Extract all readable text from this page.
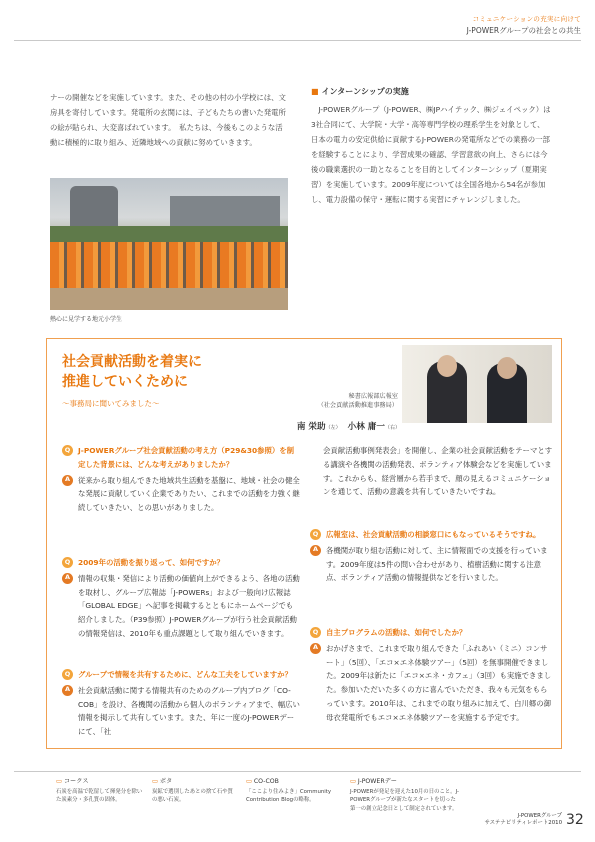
コミュニケーションの充実に向けて
J-POWERグループの社会との共生

ナーの開催などを実施しています。また、その他の村の小学校には、文房具を寄付しています。発電所の玄関には、子どもたちの書いた発電所の絵が貼られ、大変喜ばれています。　私たちは、今後もこのような活動に積極的に取り組み、近隣地域への貢献に努めていきます。

熱心に見学する地元小学生
■ インターンシップの実施

　J-POWERグループ（J-POWER、㈱JPハイテック、㈱ジェイペック）は3社合同にて、大学院・大学・高等専門学校の理系学生を対象として、日本の電力の安定供給に貢献するJ-POWERの発電所などでの業務の一部を経験することにより、学習成果の確認、学習意欲の向上、さらには今後の職業選択の一助となることを目的としてインターンシップ（夏期実習）を実施しています。2009年度については全国各地から54名が参加し、電力設備の保守・運転に関する実習にチャレンジしました。

社会貢献活動を着実に
推進していくために
～事務局に聞いてみました～
秘書広報部広報室
（社会貢献活動推進事務局）
南 栄助（左） 小林 庸一（右）
Q	J-POWERグループ社会貢献活動の考え方（P29&30参照）を制定した背景には、どんな考えがありましたか？
A	従来から取り組んできた地域共生活動を基盤に、地域・社会の健全な発展に貢献していく企業でありたい、これまでの活動を力強く継続していきたい、との思いがありました。
Q	2009年の活動を振り返って、如何ですか？
A	情報の収集・発信により活動の価値向上ができるよう、各地の活動を取材し、グループ広報誌「J-POWERs」および一般向け広報誌「GLOBAL EDGE」へ記事を掲載するとともにホームページでも紹介しました。（P39参照）J-POWERグループが行う社会貢献活動の情報発信は、2010年も重点課題として取り組んでいきます。
Q	グループで情報を共有するために、どんな工夫をしていますか？
A	社会貢献活動に関する情報共有のためのグループ内ブログ「CO-COB」を設け、各機関の活動から個人のボランティアまで、幅広い情報を掲示して共有しています。また、年に一度のJ-POWERデーにて、「社
会貢献活動事例発表会」を開催し、企業の社会貢献活動をテーマとする講演や各機関の活動発表、ボランティア体験会などを実施しています。これからも、経営層から若手まで、顔の見えるコミュニケーションを通じて、活動の意義を共有していきたいですね。
Q	広報室は、社会貢献活動の相談窓口にもなっているそうですね。
A	各機関が取り組む活動に対して、主に情報面での支援を行っています。2009年度は5件の問い合わせがあり、植樹活動に関する注意点、ボランティア活動の情報提供などを行いました。
Q	自主プログラムの活動は、如何でしたか？
A	おかげさまで、これまで取り組んできた「ふれあい（ミニ）コンサート」（5回）、「エコ×エネ体験ツアー」（5回）を無事開催できました。2009年は新たに「エコ×エネ・カフェ」（3回）も実施できました。参加いただいた多くの方に喜んでいただき、我々も元気をもらっています。2010年は、これまでの取り組みに加えて、白川郷の御母衣発電所でもエコ×エネ体験ツアーを実施する予定です。
▭ コークス
石炭を高温で乾留して揮発分を除いた炭素分・多孔質の固体。
▭ ボタ
炭鉱で選別したあとの捨て石や質の悪い石炭。
▭ CO-COB
「ここより住みよき」Community Contribution Blogの略称。
▭ J-POWERデー
J-POWERが発足を迎えた10月の日のこと。J-POWERグループが新たなスタートを切った第一の創立記念日として制定されています。
J-POWERグループ
サステナビリティレポート2010 32
